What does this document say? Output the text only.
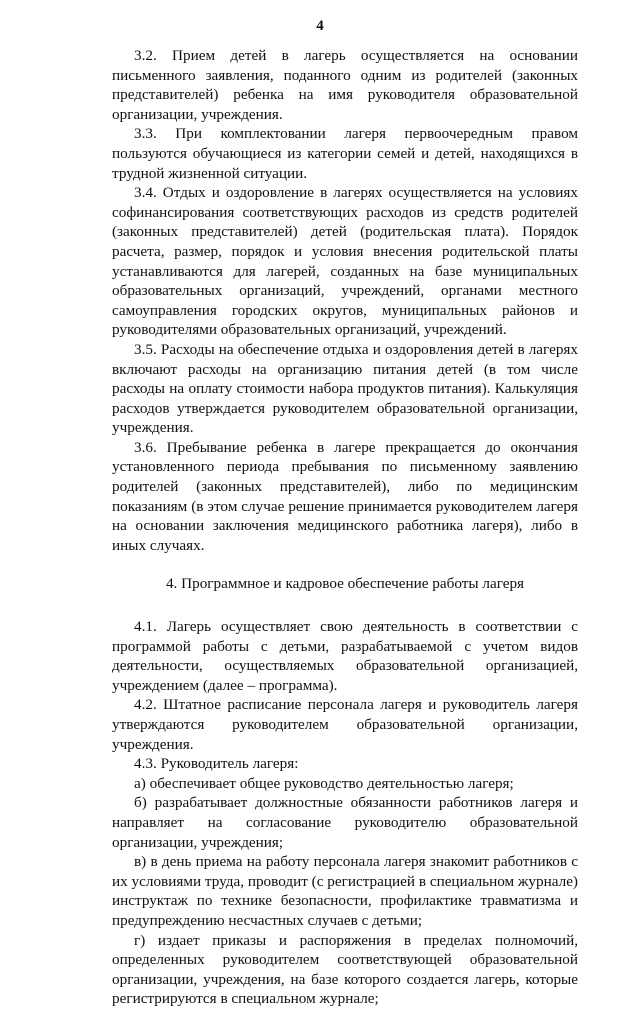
4

3.2. Прием детей в лагерь осуществляется на основании письменного заявления, поданного одним из родителей (законных представителей) ребенка на имя руководителя образовательной организации, учреждения.

3.3. При комплектовании лагеря первоочередным правом пользуются обучающиеся из категории семей и детей, находящихся в трудной жизненной ситуации.

3.4. Отдых и оздоровление в лагерях осуществляется на условиях софинансирования соответствующих расходов из средств родителей (законных представителей) детей (родительская плата). Порядок расчета, размер, порядок и условия внесения родительской платы устанавливаются для лагерей, созданных на базе муниципальных образовательных организаций, учреждений, органами местного самоуправления городских округов, муниципальных районов и руководителями образовательных организаций, учреждений.

3.5. Расходы на обеспечение отдыха и оздоровления детей в лагерях включают расходы на организацию питания детей (в том числе расходы на оплату стоимости набора продуктов питания). Калькуляция расходов утверждается руководителем образовательной организации, учреждения.

3.6. Пребывание ребенка в лагере прекращается до окончания установленного периода пребывания по письменному заявлению родителей (законных представителей), либо по медицинским показаниям (в этом случае решение принимается руководителем лагеря на основании заключения медицинского работника лагеря), либо в иных случаях.

4. Программное и кадровое обеспечение работы лагеря

4.1. Лагерь осуществляет свою деятельность в соответствии с программой работы с детьми, разрабатываемой с учетом видов деятельности, осуществляемых образовательной организацией, учреждением (далее – программа).

4.2. Штатное расписание персонала лагеря и руководитель лагеря утверждаются руководителем образовательной организации, учреждения.

4.3. Руководитель лагеря:

а) обеспечивает общее руководство деятельностью лагеря;

б) разрабатывает должностные обязанности работников лагеря и направляет на согласование руководителю образовательной организации, учреждения;

в) в день приема на работу персонала лагеря знакомит работников с их условиями труда, проводит (с регистрацией в специальном журнале) инструктаж по технике безопасности, профилактике травматизма и предупреждению несчастных случаев с детьми;

г) издает приказы и распоряжения в пределах полномочий, определенных руководителем соответствующей образовательной организации, учреждения, на базе которого создается лагерь, которые регистрируются в специальном журнале;
